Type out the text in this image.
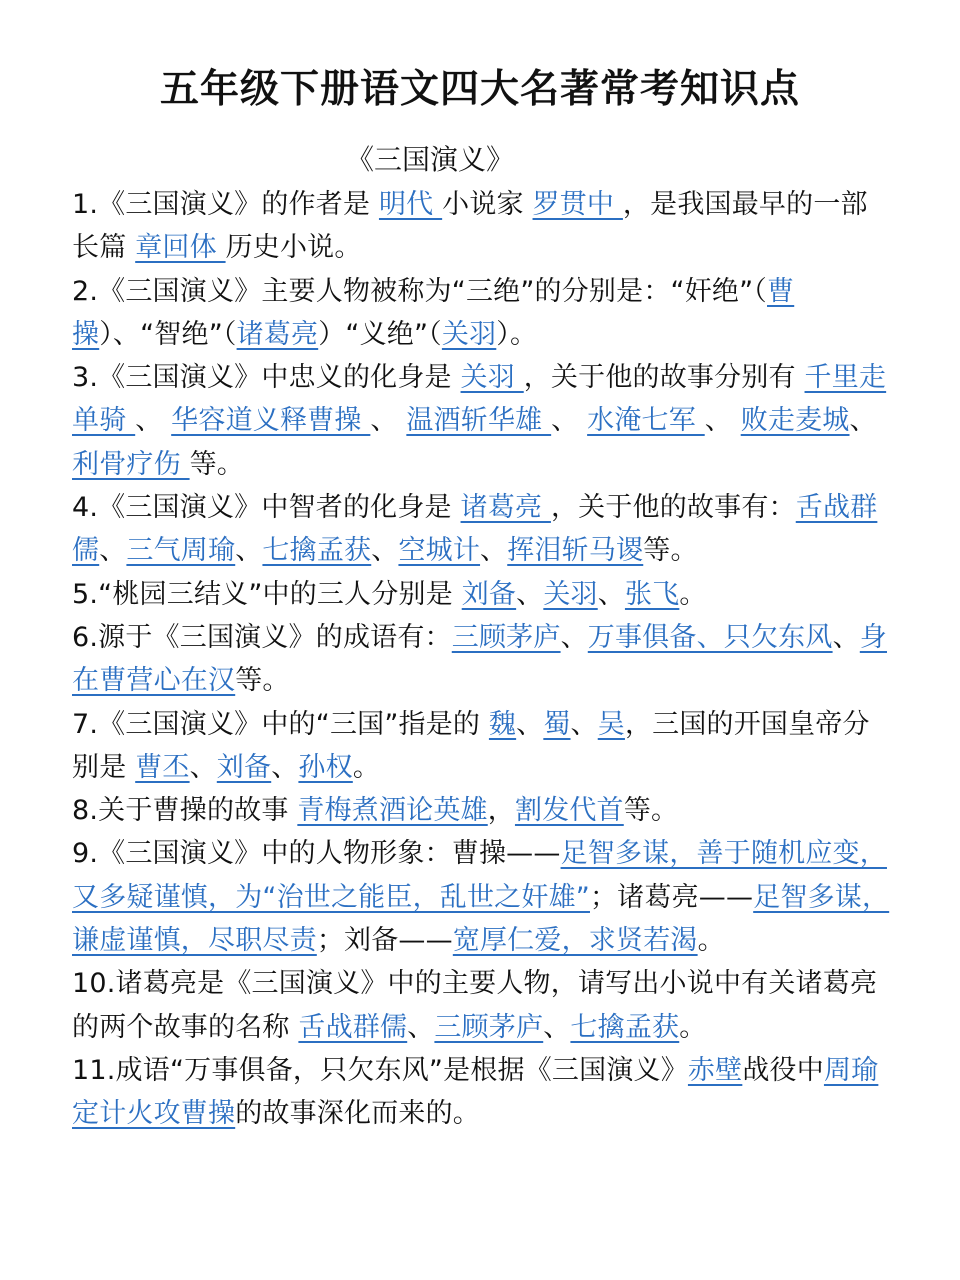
五年级下册语文四大名著常考知识点
《三国演义》

1.《三国演义》的作者是 明代 小说家 罗贯中 ，是我国最早的一部长篇 章回体 历史小说。

2.《三国演义》主要人物被称为“三绝”的分别是：“奸绝”（曹操）、“智绝”（诸葛亮）“义绝”（关羽）。

3.《三国演义》中忠义的化身是 关羽 ，关于他的故事分别有 千里走单骑 、 华容道义释曹操 、 温酒斩华雄 、 水淹七军 、 败走麦城、 利骨疗伤 等。

4.《三国演义》中智者的化身是 诸葛亮 ，关于他的故事有：舌战群儒、三气周瑜、七擒孟获、空城计、挥泪斩马谡等。

5.“桃园三结义”中的三人分别是 刘备、关羽、张飞。

6.源于《三国演义》的成语有：三顾茅庐、万事俱备、只欠东风、身在曹营心在汉等。

7.《三国演义》中的“三国”指是的 魏、蜀、吴，三国的开国皇帝分别是 曹丕、刘备、孙权。

8.关于曹操的故事 青梅煮酒论英雄，割发代首等。

9.《三国演义》中的人物形象：曹操——足智多谋，善于随机应变，又多疑谨慎，为“治世之能臣，乱世之奸雄”；诸葛亮——足智多谋，谦虚谨慎，尽职尽责；刘备——宽厚仁爱，求贤若渴。

10.诸葛亮是《三国演义》中的主要人物，请写出小说中有关诸葛亮的两个故事的名称 舌战群儒、三顾茅庐、七擒孟获。

11.成语“万事俱备，只欠东风”是根据《三国演义》赤壁战役中周瑜定计火攻曹操的故事深化而来的。
